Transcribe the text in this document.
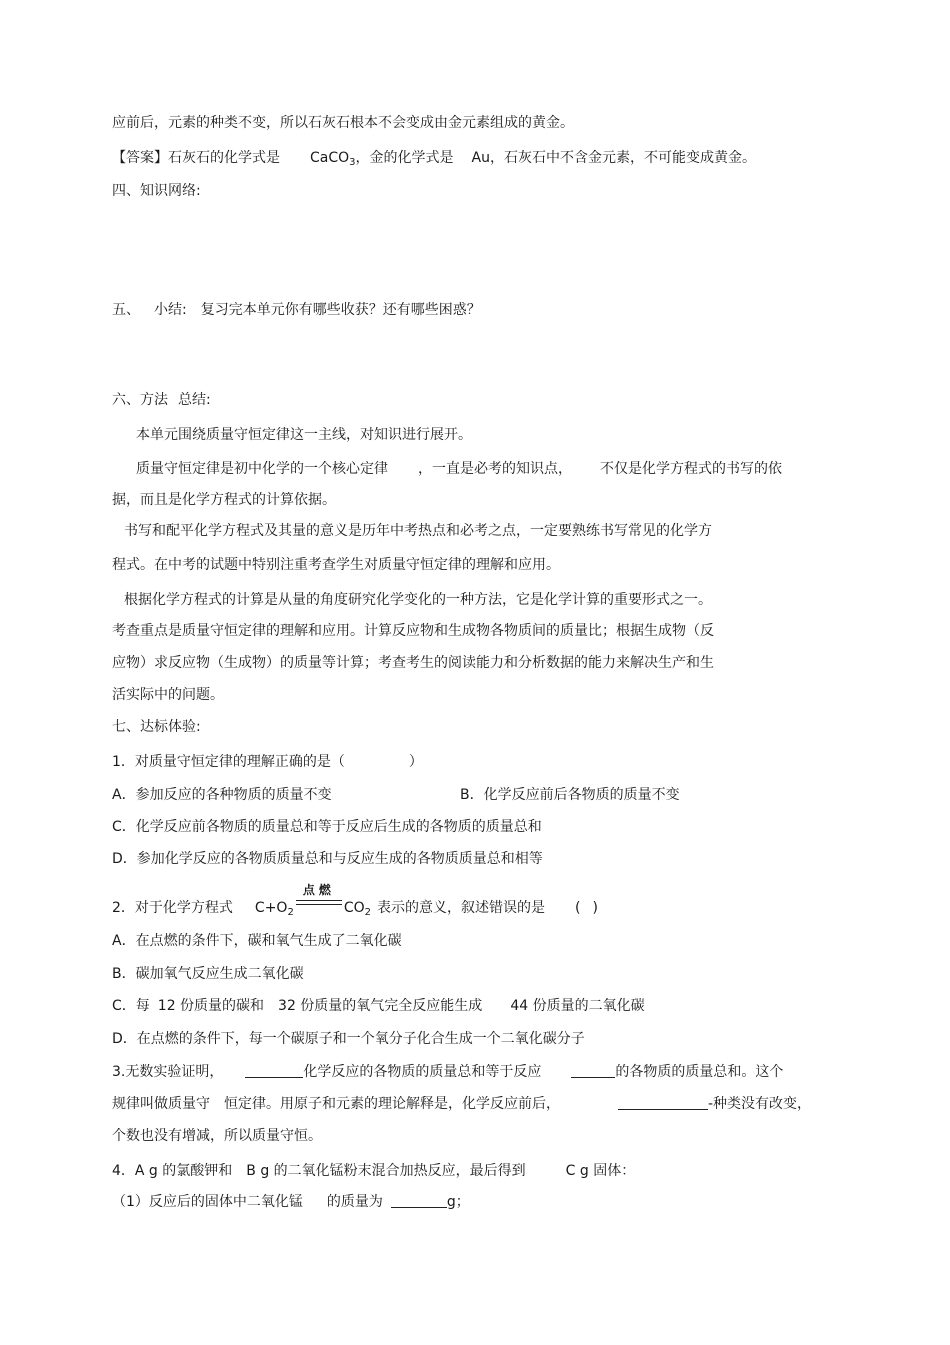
应前后，元素的种类不变，所以石灰石根本不会变成由金元素组成的黄金。
【答案】石灰石的化学式是 CaCO$_3$，金的化学式是 Au，石灰石中不含金元素，不可能变成黄金。
四、知识网络:
五、 小结: 复习完本单元你有哪些收获？还有哪些困惑？
六、方法 总结:
本单元围绕质量守恒定律这一主线，对知识进行展开。
质量守恒定律是初中化学的一个核心定律 ，一直是必考的知识点， 不仅是化学方程式的书写的依
据，而且是化学方程式的计算依据。
书写和配平化学方程式及其量的意义是历年中考热点和必考之点，一定要熟练书写常见的化学方
程式。在中考的试题中特别注重考查学生对质量守恒定律的理解和应用。
根据化学方程式的计算是从量的角度研究化学变化的一种方法，它是化学计算的重要形式之一。
考查重点是质量守恒定律的理解和应用。计算反应物和生成物各物质间的质量比；根据生成物（反
应物）求反应物（生成物）的质量等计算；考查考生的阅读能力和分析数据的能力来解决生产和生
活实际中的问题。
七、达标体验:
1．对质量守恒定律的理解正确的是（	）
A．参加反应的各种物质的质量不变	B．化学反应前后各物质的质量不变
C．化学反应前各物质的质量总和等于反应后生成的各物质的质量总和
D．参加化学反应的各物质质量总和与反应生成的各物质质量总和相等
2．对于化学方程式 $C+O_2$
点燃
$CO_2$ 表示的意义，叙述错误的是 ( )
A．在点燃的条件下，碳和氧气生成了二氧化碳
B．碳加氧气反应生成二氧化碳
C．每 12 份质量的碳和 32 份质量的氧气完全反应能生成 44 份质量的二氧化碳
D．在点燃的条件下，每一个碳原子和一个氧分子化合生成一个二氧化碳分子
3.无数实验证明，	化学反应的各物质的质量总和等于反应	的各物质的质量总和。这个
规律叫做质量守 恒定律。用原子和元素的理论解释是，化学反应前后，	-种类没有改变，
个数也没有增减，所以质量守恒。
4．A g 的氯酸钾和 B g 的二氧化锰粉末混合加热反应，最后得到	C g 固体：
（1）反应后的固体中二氧化锰 的质量为	g；
